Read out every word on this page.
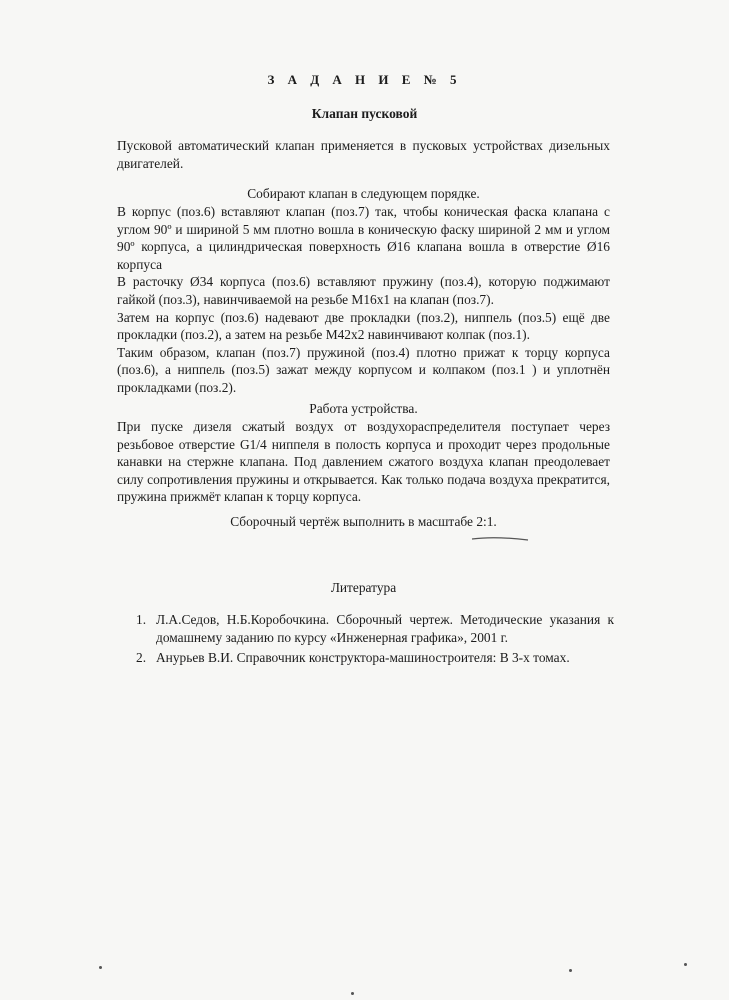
З А Д А Н И Е № 5
Клапан пусковой
Пусковой автоматический клапан применяется в пусковых устройствах дизельных двигателей.
Собирают клапан в следующем порядке.

В корпус (поз.6) вставляют клапан (поз.7) так, чтобы коническая фаска клапана с углом 90º и шириной 5 мм плотно вошла в коническую фаску шириной 2 мм и углом 90º корпуса, а цилиндрическая поверхность Ø16 клапана вошла в отверстие Ø16 корпуса

В расточку Ø34 корпуса (поз.6) вставляют пружину (поз.4), которую поджимают гайкой (поз.3), навинчиваемой на резьбе М16х1 на клапан (поз.7).

Затем на корпус (поз.6) надевают две прокладки (поз.2), ниппель (поз.5) ещё две прокладки (поз.2), а затем на резьбе М42х2 навинчивают колпак (поз.1).

Таким образом, клапан (поз.7) пружиной (поз.4) плотно прижат к торцу корпуса (поз.6), а ниппель (поз.5) зажат между корпусом и колпаком (поз.1 ) и уплотнён прокладками (поз.2).

Работа устройства.
При пуске дизеля сжатый воздух от воздухораспределителя поступает через резьбовое отверстие G1/4 ниппеля в полость корпуса и проходит через продольные канавки на стержне клапана. Под давлением сжатого воздуха клапан преодолевает силу сопротивления пружины и открывается. Как только подача воздуха прекратится, пружина прижмёт клапан к торцу корпуса.
Сборочный чертёж выполнить в масштабе 2:1.
Литература
1. Л.А.Седов, Н.Б.Коробочкина. Сборочный чертеж. Методические указания к домашнему заданию по курсу «Инженерная графика», 2001 г.
2. Анурьев В.И. Справочник конструктора-машиностроителя: В 3-х томах.
